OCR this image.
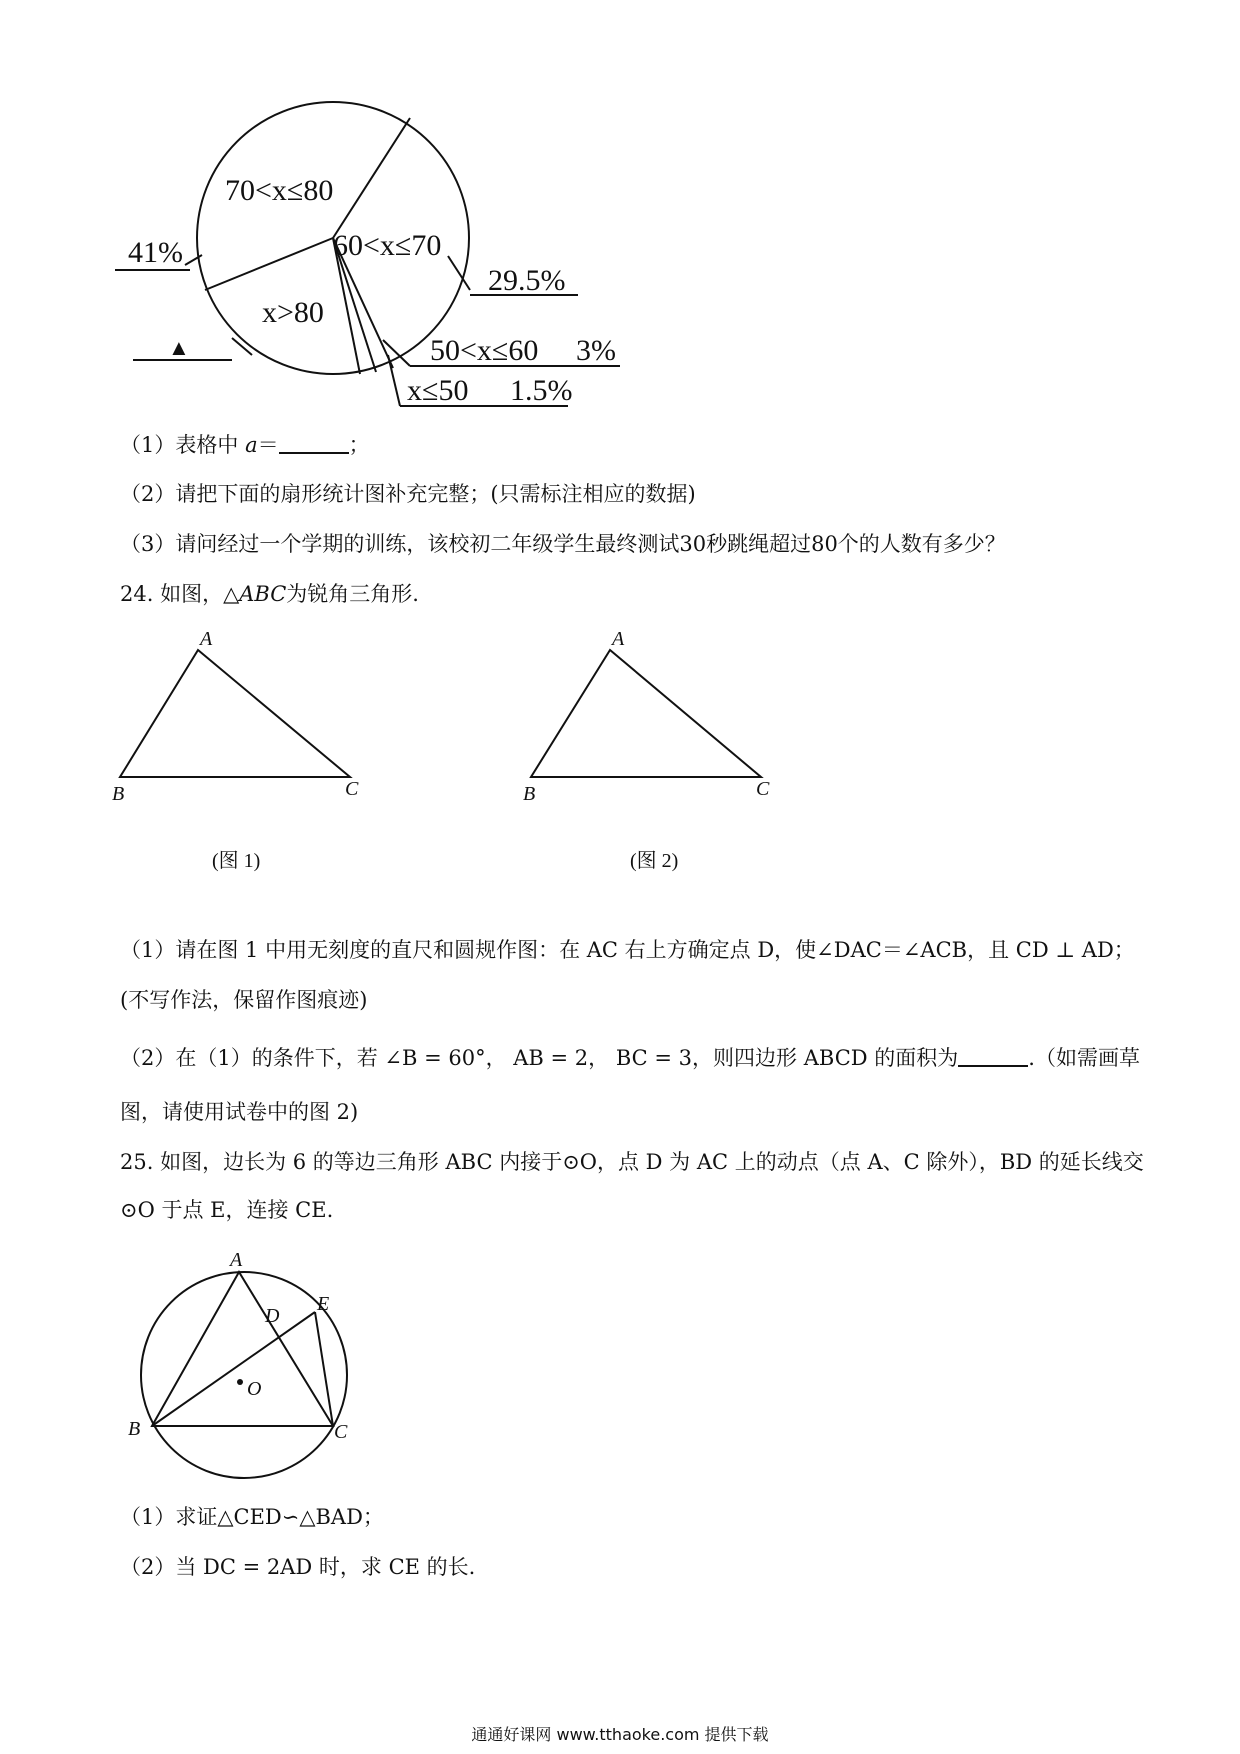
70<x≤80
60<x≤70
x>80
41%
29.5%
50<x≤60 3%
x≤50 1.5%
▲
（1）表格中 a＝	；
（2）请把下面的扇形统计图补充完整；(只需标注相应的数据)
（3）请问经过一个学期的训练，该校初二年级学生最终测试30秒跳绳超过80个的人数有多少？
24. 如图，△ABC为锐角三角形.
A
B	C
A
B	C
(图 1)	(图 2)
（1）请在图 1 中用无刻度的直尺和圆规作图：在 AC 右上方确定点 D，使∠DAC＝∠ACB，且 CD ⊥ AD；
(不写作法，保留作图痕迹)
（2）在（1）的条件下，若 ∠B = 60°， AB = 2， BC = 3，则四边形 ABCD 的面积为	.（如需画草
图，请使用试卷中的图 2)
25. 如图，边长为 6 的等边三角形 ABC 内接于⊙O，点 D 为 AC 上的动点（点 A、C 除外），BD 的延长线交
⊙O 于点 E，连接 CE.
A
B	C
D
E
O
（1）求证△CED∽△BAD；
（2）当 DC = 2AD 时，求 CE 的长.
通通好课网 www.tthaoke.com 提供下载
